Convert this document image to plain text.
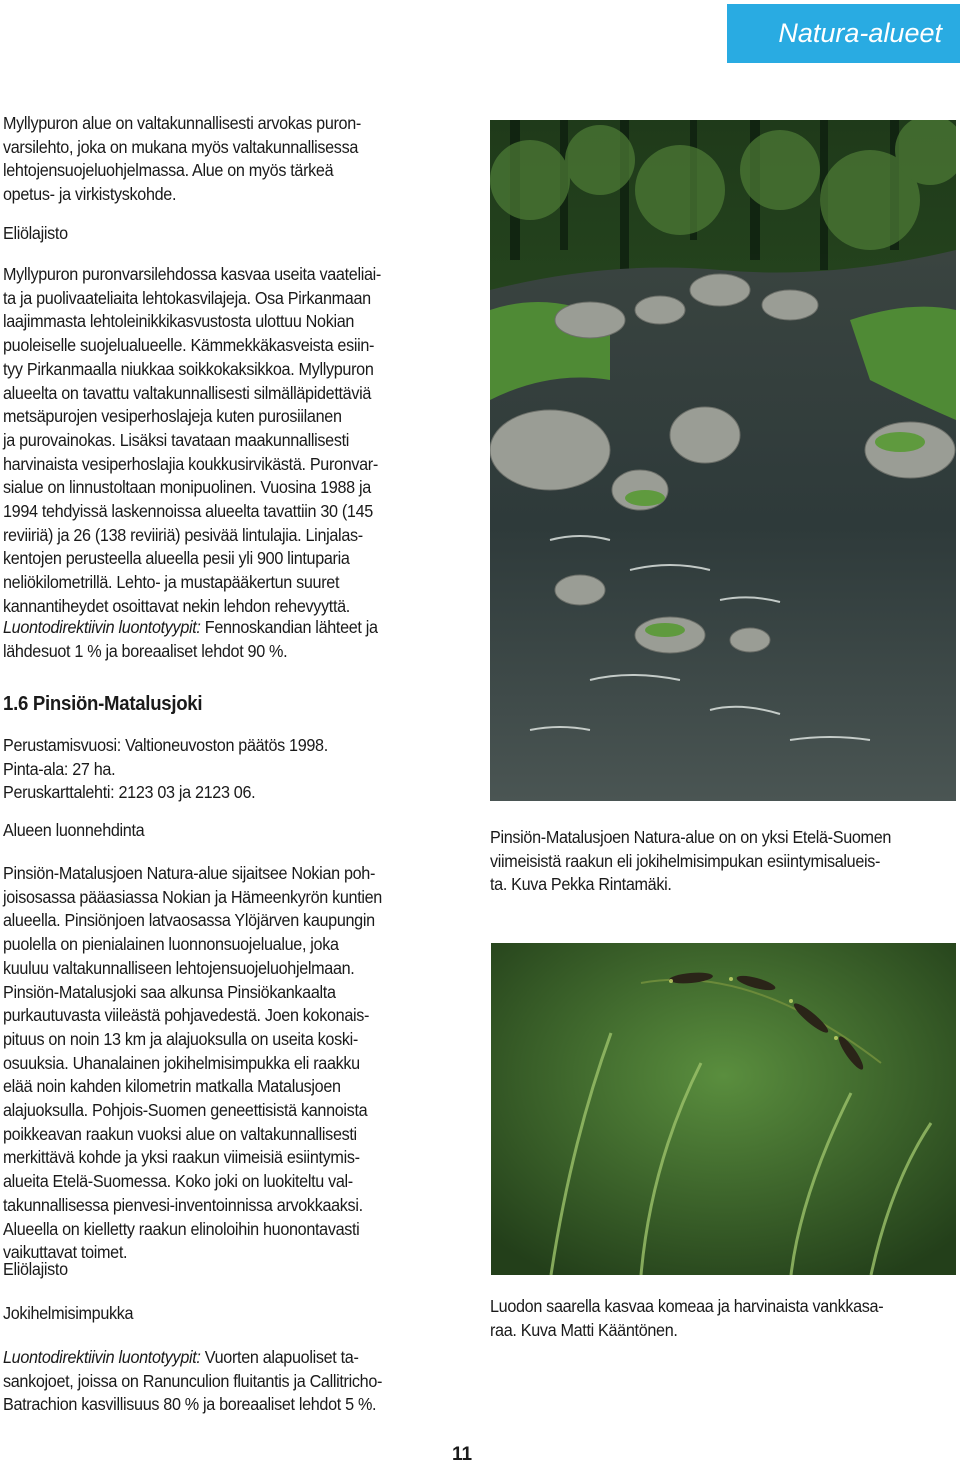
Natura-alueet

Myllypuron alue on valtakunnallisesti arvokas puron-

varsilehto, joka on mukana myös valtakunnallisessa

lehtojensuojeluohjelmassa. Alue on myös tärkeä

opetus- ja virkistyskohde.

Eliölajisto

Myllypuron puronvarsilehdossa kasvaa useita vaateliai-

ta ja puolivaateliaita lehtokasvilajeja. Osa Pirkanmaan

laajimmasta lehtoleinikkikasvustosta ulottuu Nokian

puoleiselle suojelualueelle. Kämmekkäkasveista esiin-

tyy Pirkanmaalla niukkaa soikkokaksikkoa. Myllypuron

alueelta on tavattu valtakunnallisesti silmälläpidettäviä

metsäpurojen vesiperhoslajeja kuten purosiilanen

ja purovainokas. Lisäksi tavataan maakunnallisesti

harvinaista vesiperhoslajia koukkusirvikästä. Puronvar-

sialue on linnustoltaan monipuolinen. Vuosina 1988 ja

1994 tehdyissä laskennoissa alueelta tavattiin 30 (145

reviiriä) ja 26 (138 reviiriä) pesivää lintulajia. Linjalas-

kentojen perusteella alueella pesii yli 900 lintuparia

neliökilometrillä. Lehto- ja mustapääkertun suuret

kannantiheydet osoittavat nekin lehdon rehevyyttä.

Luontodirektiivin luontotyypit: Fennoskandian lähteet ja

lähdesuot 1 % ja boreaaliset lehdot 90 %.

1.6 Pinsiön-Matalusjoki

Perustamisvuosi: Valtioneuvoston päätös 1998.

Pinta-ala: 27 ha.

Peruskarttalehti: 2123 03 ja 2123 06.

Alueen luonnehdinta

Pinsiön-Matalusjoen Natura-alue sijaitsee Nokian poh-

joisosassa pääasiassa Nokian ja Hämeenkyrön kuntien

alueella. Pinsiönjoen latvaosassa Ylöjärven kaupungin

puolella on pienialainen luonnonsuojelualue, joka

kuuluu valtakunnalliseen lehtojensuojeluohjelmaan.

Pinsiön-Matalusjoki saa alkunsa Pinsiökankaalta

purkautuvasta viileästä pohjavedestä. Joen kokonais-

pituus on noin 13 km ja alajuoksulla on useita koski-

osuuksia. Uhanalainen jokihelmisimpukka eli raakku

elää noin kahden kilometrin matkalla Matalusjoen

alajuoksulla. Pohjois-Suomen geneettisistä kannoista

poikkeavan raakun vuoksi alue on valtakunnallisesti

merkittävä kohde ja yksi raakun viimeisiä esiintymis-

alueita Etelä-Suomessa. Koko joki on luokiteltu val-

takunnallisessa pienvesi-inventoinnissa arvokkaaksi.

Alueella on kielletty raakun elinoloihin huonontavasti

vaikuttavat toimet.

Eliölajisto

Jokihelmisimpukka

Luontodirektiivin luontotyypit: Vuorten alapuoliset ta-

sankojoet, joissa on Ranunculion fluitantis ja Callitricho-

Batrachion kasvillisuus 80 % ja boreaaliset lehdot 5 %.

Pinsiön-Matalusjoen Natura-alue on on yksi Etelä-Suomen
viimeisistä raakun eli jokihelmisimpukan esiintymisalueis-
ta. Kuva Pekka Rintamäki.

Luodon saarella kasvaa komeaa ja harvinaista vankkasa-
raa. Kuva Matti Kääntönen.

11
